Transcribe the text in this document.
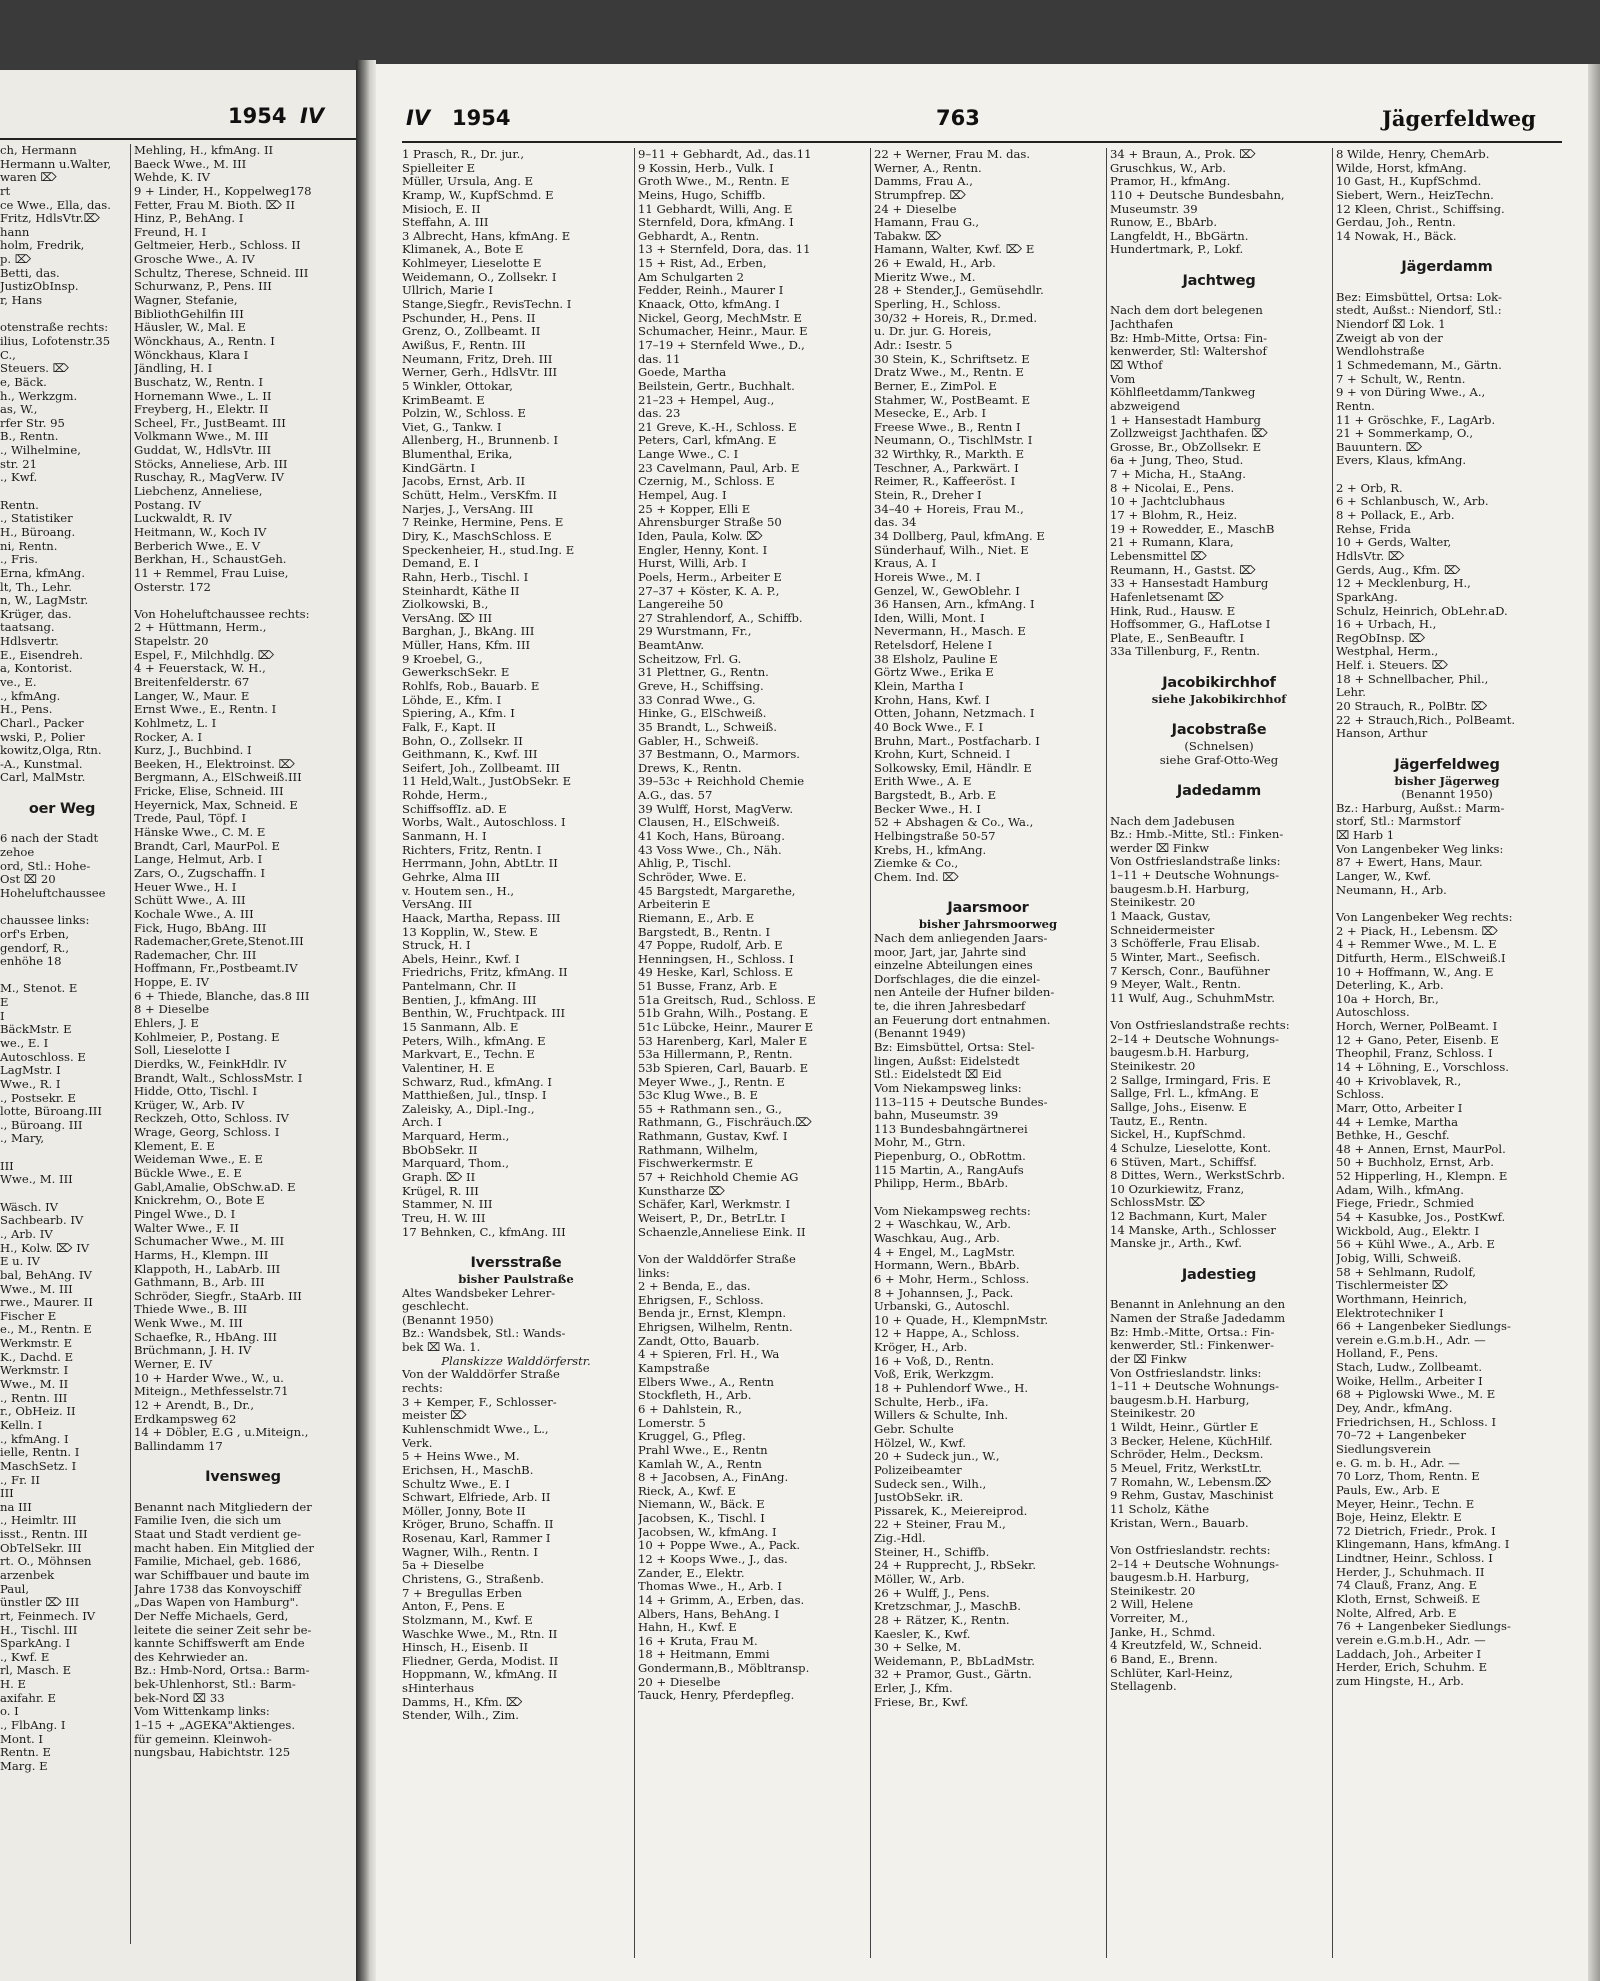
1954 IV
ch, Hermann
Hermann u.Walter,
waren ⌦
rt
ce Wwe., Ella, das.
Fritz, HdlsVtr.⌦
hann
holm, Fredrik,
p. ⌦
Betti, das.
JustizObInsp.
r, Hans
otenstraße rechts:
ilius, Lofotenstr.35
C.,
Steuers. ⌦
e, Bäck.
h., Werkzgm.
as, W.,
rfer Str. 95
B., Rentn.
., Wilhelmine,
str. 21
., Kwf.
Rentn.
., Statistiker
H., Büroang.
ni, Rentn.
., Fris.
Erna, kfmAng.
lt, Th., Lehr.
n, W., LagMstr.
Krüger, das.
taatsang.
Hdlsvertr.
E., Eisendreh.
a, Kontorist.
ve., E.
., kfmAng.
H., Pens.
Charl., Packer
wski, P., Polier
kowitz,Olga, Rtn.
-A., Kunstmal.
Carl, MalMstr.
oer Weg
6 nach der Stadt
zehoe
ord, Stl.: Hohe-
Ost ⌧ 20
Hoheluftchaussee
chaussee links:
orf's Erben,
gendorf, R.,
enhöhe 18
M., Stenot. E
E
I
BäckMstr. E
we., E. I
Autoschloss. E
LagMstr. I
Wwe., R. I
., Postsekr. E
lotte, Büroang.III
., Büroang. III
., Mary,
III
Wwe., M. III
Wäsch. IV
Sachbearb. IV
., Arb. IV
H., Kolw. ⌦ IV
E u. IV
bal, BehAng. IV
Wwe., M. III
rwe., Maurer. II
Fischer E
e., M., Rentn. E
Werkmstr. E
K., Dachd. E
Werkmstr. I
Wwe., M. II
., Rentn. III
r., ObHeiz. II
Kelln. I
., kfmAng. I
ielle, Rentn. I
MaschSetz. I
., Fr. II
III
na III
., Heimltr. III
isst., Rentn. III
ObTelSekr. III
rt. O., Möhnsen
arzenbek
Paul,
ünstler ⌦ III
rt, Feinmech. IV
H., Tischl. III
SparkAng. I
., Kwf. E
rl, Masch. E
H. E
axifahr. E
o. I
., FlbAng. I
Mont. I
Rentn. E
Marg. E
Mehling, H., kfmAng. II
Baeck Wwe., M. III
Wehde, K. IV
9 + Linder, H., Koppelweg178
Fetter, Frau M. Bioth. ⌦ II
Hinz, P., BehAng. I
Freund, H. I
Geltmeier, Herb., Schloss. II
Grosche Wwe., A. IV
Schultz, Therese, Schneid. III
Schurwanz, P., Pens. III
Wagner, Stefanie,
BibliothGehilfin III
Häusler, W., Mal. E
Wönckhaus, A., Rentn. I
Wönckhaus, Klara I
Jändling, H. I
Buschatz, W., Rentn. I
Hornemann Wwe., L. II
Freyberg, H., Elektr. II
Scheel, Fr., JustBeamt. III
Volkmann Wwe., M. III
Guddat, W., HdlsVtr. III
Stöcks, Anneliese, Arb. III
Ruschay, R., MagVerw. IV
Liebchenz, Anneliese,
Postang. IV
Luckwaldt, R. IV
Heitmann, W., Koch IV
Berberich Wwe., E. V
Berkhan, H., SchaustGeh.
11 + Remmel, Frau Luise,
Osterstr. 172
Von Hoheluftchaussee rechts:
2 + Hüttmann, Herm.,
Stapelstr. 20
Espel, F., Milchhdlg. ⌦
4 + Feuerstack, W. H.,
Breitenfelderstr. 67
Langer, W., Maur. E
Ernst Wwe., E., Rentn. I
Kohlmetz, L. I
Rocker, A. I
Kurz, J., Buchbind. I
Beeken, H., Elektroinst. ⌦
Bergmann, A., ElSchweiß.III
Fricke, Elise, Schneid. III
Heyernick, Max, Schneid. E
Trede, Paul, Töpf. I
Hänske Wwe., C. M. E
Brandt, Carl, MaurPol. E
Lange, Helmut, Arb. I
Zars, O., Zugschaffn. I
Heuer Wwe., H. I
Schütt Wwe., A. III
Kochale Wwe., A. III
Fick, Hugo, BbAng. III
Rademacher,Grete,Stenot.III
Rademacher, Chr. III
Hoffmann, Fr.,Postbeamt.IV
Hoppe, E. IV
6 + Thiede, Blanche, das.8 III
8 + Dieselbe
Ehlers, J. E
Kohlmeier, P., Postang. E
Soll, Lieselotte I
Dierdks, W., FeinkHdlr. IV
Brandt, Walt., SchlossMstr. I
Hidde, Otto, Tischl. I
Krüger, W., Arb. IV
Reckzeh, Otto, Schloss. IV
Wrage, Georg, Schloss. I
Klement, E. E
Weideman Wwe., E. E
Bückle Wwe., E. E
Gabl,Amalie, ObSchw.aD. E
Knickrehm, O., Bote E
Pingel Wwe., D. I
Walter Wwe., F. II
Schumacher Wwe., M. III
Harms, H., Klempn. III
Klappoth, H., LabArb. III
Gathmann, B., Arb. III
Schröder, Siegfr., StaArb. III
Thiede Wwe., B. III
Wenk Wwe., M. III
Schaefke, R., HbAng. III
Brüchmann, J. H. IV
Werner, E. IV
10 + Harder Wwe., W., u.
Miteign., Methfesselstr.71
12 + Arendt, B., Dr.,
Erdkampsweg 62
14 + Döbler, E.G , u.Miteign.,
Ballindamm 17
Ivensweg
Benannt nach Mitgliedern der
Familie Iven, die sich um
Staat und Stadt verdient ge-
macht haben. Ein Mitglied der
Familie, Michael, geb. 1686,
war Schiffbauer und baute im
Jahre 1738 das Konvoyschiff
„Das Wapen von Hamburg".
Der Neffe Michaels, Gerd,
leitete die seiner Zeit sehr be-
kannte Schiffswerft am Ende
des Kehrwieder an.
Bz.: Hmb-Nord, Ortsa.: Barm-
bek-Uhlenhorst, Stl.: Barm-
bek-Nord ⌧ 33
Vom Wittenkamp links:
1–15 + „AGEKA"Aktienges.
für gemeinn. Kleinwoh-
nungsbau, Habichtstr. 125
IV 1954	763	Jägerfeldweg
1 Prasch, R., Dr. jur.,
Spielleiter E
Müller, Ursula, Ang. E
Kramp, W., KupfSchmd. E
Misioch, E. II
Steffahn, A. III
3 Albrecht, Hans, kfmAng. E
Klimanek, A., Bote E
Kohlmeyer, Lieselotte E
Weidemann, O., Zollsekr. I
Ullrich, Marie I
Stange,Siegfr., RevisTechn. I
Pschunder, H., Pens. II
Grenz, O., Zollbeamt. II
Awißus, F., Rentn. III
Neumann, Fritz, Dreh. III
Werner, Gerh., HdlsVtr. III
5 Winkler, Ottokar,
KrimBeamt. E
Polzin, W., Schloss. E
Viet, G., Tankw. I
Allenberg, H., Brunnenb. I
Blumenthal, Erika,
KindGärtn. I
Jacobs, Ernst, Arb. II
Schütt, Helm., VersKfm. II
Narjes, J., VersAng. III
7 Reinke, Hermine, Pens. E
Diry, K., MaschSchloss. E
Speckenheier, H., stud.Ing. E
Demand, E. I
Rahn, Herb., Tischl. I
Steinhardt, Käthe II
Ziolkowski, B.,
VersAng. ⌦ III
Barghan, J., BkAng. III
Müller, Hans, Kfm. III
9 Kroebel, G.,
GewerkschSekr. E
Rohlfs, Rob., Bauarb. E
Löhde, E., Kfm. I
Spiering, A., Kfm. I
Falk, F., Kapt. II
Bohn, O., Zollsekr. II
Geithmann, K., Kwf. III
Seifert, Joh., Zollbeamt. III
11 Held,Walt., JustObSekr. E
Rohde, Herm.,
SchiffsoffIz. aD. E
Worbs, Walt., Autoschloss. I
Sanmann, H. I
Richters, Fritz, Rentn. I
Herrmann, John, AbtLtr. II
Gehrke, Alma III
v. Houtem sen., H.,
VersAng. III
Haack, Martha, Repass. III
13 Kopplin, W., Stew. E
Struck, H. I
Abels, Heinr., Kwf. I
Friedrichs, Fritz, kfmAng. II
Pantelmann, Chr. II
Bentien, J., kfmAng. III
Benthin, W., Fruchtpack. III
15 Sanmann, Alb. E
Peters, Wilh., kfmAng. E
Markvart, E., Techn. E
Valentiner, H. E
Schwarz, Rud., kfmAng. I
Matthießen, Jul., tInsp. I
Zaleisky, A., Dipl.-Ing.,
Arch. I
Marquard, Herm.,
BbObSekr. II
Marquard, Thom.,
Graph. ⌦ II
Krügel, R. III
Stammer, N. III
Treu, H. W. III
17 Behnken, C., kfmAng. III
Iversstraße
bisher Paulstraße
Altes Wandsbeker Lehrer-
geschlecht.
(Benannt 1950)
Bz.: Wandsbek, Stl.: Wands-
bek ⌧ Wa. 1.
Planskizze Walddörferstr.
Von der Walddörfer Straße
rechts:
3 + Kemper, F., Schlosser-
meister ⌦
Kuhlenschmidt Wwe., L.,
Verk.
5 + Heins Wwe., M.
Erichsen, H., MaschB.
Schultz Wwe., E. I
Schwart, Elfriede, Arb. II
Möller, Jonny, Bote II
Kröger, Bruno, Schaffn. II
Rosenau, Karl, Rammer I
Wagner, Wilh., Rentn. I
5a + Dieselbe
Christens, G., Straßenb.
7 + Bregullas Erben
Anton, F., Pens. E
Stolzmann, M., Kwf. E
Waschke Wwe., M., Rtn. II
Hinsch, H., Eisenb. II
Fliedner, Gerda, Modist. II
Hoppmann, W., kfmAng. II
sHinterhaus
Damms, H., Kfm. ⌦
Stender, Wilh., Zim.
9–11 + Gebhardt, Ad., das.11
9 Kossin, Herb., Vulk. I
Groth Wwe., M., Rentn. E
Meins, Hugo, Schiffb.
11 Gebhardt, Willi, Ang. E
Sternfeld, Dora, kfmAng. I
Gebhardt, A., Rentn.
13 + Sternfeld, Dora, das. 11
15 + Rist, Ad., Erben,
Am Schulgarten 2
Fedder, Reinh., Maurer I
Knaack, Otto, kfmAng. I
Nickel, Georg, MechMstr. E
Schumacher, Heinr., Maur. E
17–19 + Sternfeld Wwe., D.,
das. 11
Goede, Martha
Beilstein, Gertr., Buchhalt.
21–23 + Hempel, Aug.,
das. 23
21 Greve, K.-H., Schloss. E
Peters, Carl, kfmAng. E
Lange Wwe., C. I
23 Cavelmann, Paul, Arb. E
Czernig, M., Schloss. E
Hempel, Aug. I
25 + Kopper, Elli E
Ahrensburger Straße 50
Iden, Paula, Kolw. ⌦
Engler, Henny, Kont. I
Hurst, Willi, Arb. I
Poels, Herm., Arbeiter E
27–37 + Köster, K. A. P.,
Langereihe 50
27 Strahlendorf, A., Schiffb.
29 Wurstmann, Fr.,
BeamtAnw.
Scheitzow, Frl. G.
31 Plettner, G., Rentn.
Greve, H., Schiffsing.
33 Conrad Wwe., G.
Hinke, G., ElSchweiß.
35 Brandt, L., Schweiß.
Gabler, H., Schweiß.
37 Bestmann, O., Marmors.
Drews, K., Rentn.
39–53c + Reichhold Chemie
A.G., das. 57
39 Wulff, Horst, MagVerw.
Clausen, H., ElSchweiß.
41 Koch, Hans, Büroang.
43 Voss Wwe., Ch., Näh.
Ahlig, P., Tischl.
Schröder, Wwe. E.
45 Bargstedt, Margarethe,
Arbeiterin E
Riemann, E., Arb. E
Bargstedt, B., Rentn. I
47 Poppe, Rudolf, Arb. E
Henningsen, H., Schloss. I
49 Heske, Karl, Schloss. E
51 Busse, Franz, Arb. E
51a Greitsch, Rud., Schloss. E
51b Grahn, Wilh., Postang. E
51c Lübcke, Heinr., Maurer E
53 Harenberg, Karl, Maler E
53a Hillermann, P., Rentn.
53b Spieren, Carl, Bauarb. E
Meyer Wwe., J., Rentn. E
53c Klug Wwe., B. E
55 + Rathmann sen., G.,
Rathmann, G., Fischräuch.⌦
Rathmann, Gustav, Kwf. I
Rathmann, Wilhelm,
Fischwerkermstr. E
57 + Reichhold Chemie AG
Kunstharze ⌦
Schäfer, Karl, Werkmstr. I
Weisert, P., Dr., BetrLtr. I
Schaenzle,Anneliese Eink. II
Von der Walddörfer Straße
links:
2 + Benda, E., das.
Ehrigsen, F., Schloss.
Benda jr., Ernst, Klempn.
Ehrigsen, Wilhelm, Rentn.
Zandt, Otto, Bauarb.
4 + Spieren, Frl. H., Wa
Kampstraße
Elbers Wwe., A., Rentn
Stockfleth, H., Arb.
6 + Dahlstein, R.,
Lomerstr. 5
Kruggel, G., Pfleg.
Prahl Wwe., E., Rentn
Kamlah W., A., Rentn
8 + Jacobsen, A., FinAng.
Rieck, A., Kwf. E
Niemann, W., Bäck. E
Jacobsen, K., Tischl. I
Jacobsen, W., kfmAng. I
10 + Poppe Wwe., A., Pack.
12 + Koops Wwe., J., das.
Zander, E., Elektr.
Thomas Wwe., H., Arb. I
14 + Grimm, A., Erben, das.
Albers, Hans, BehAng. I
Hahn, H., Kwf. E
16 + Kruta, Frau M.
18 + Heitmann, Emmi
Gondermann,B., Möbltransp.
20 + Dieselbe
Tauck, Henry, Pferdepfleg.
22 + Werner, Frau M. das.
Werner, A., Rentn.
Damms, Frau A.,
Strumpfrep. ⌦
24 + Dieselbe
Hamann, Frau G.,
Tabakw. ⌦
Hamann, Walter, Kwf. ⌦ E
26 + Ewald, H., Arb.
Mieritz Wwe., M.
28 + Stender,J., Gemüsehdlr.
Sperling, H., Schloss.
30/32 + Horeis, R., Dr.med.
u. Dr. jur. G. Horeis,
Adr.: Isestr. 5
30 Stein, K., Schriftsetz. E
Dratz Wwe., M., Rentn. E
Berner, E., ZimPol. E
Stahmer, W., PostBeamt. E
Mesecke, E., Arb. I
Freese Wwe., B., Rentn I
Neumann, O., TischlMstr. I
32 Wirthky, R., Markth. E
Teschner, A., Parkwärt. I
Reimer, R., Kaffeeröst. I
Stein, R., Dreher I
34–40 + Horeis, Frau M.,
das. 34
34 Dollberg, Paul, kfmAng. E
Sünderhauf, Wilh., Niet. E
Kraus, A. I
Horeis Wwe., M. I
Genzel, W., GewOblehr. I
36 Hansen, Arn., kfmAng. I
Iden, Willi, Mont. I
Nevermann, H., Masch. E
Retelsdorf, Helene I
38 Elsholz, Pauline E
Görtz Wwe., Erika E
Klein, Martha I
Krohn, Hans, Kwf. I
Otten, Johann, Netzmach. I
40 Bock Wwe., F. I
Bruhn, Mart., Postfacharb. I
Krohn, Kurt, Schneid. I
Solkowsky, Emil, Händlr. E
Erith Wwe., A. E
Bargstedt, B., Arb. E
Becker Wwe., H. I
52 + Abshagen & Co., Wa.,
Helbingstraße 50-57
Krebs, H., kfmAng.
Ziemke & Co.,
Chem. Ind. ⌦
Jaarsmoor
bisher Jahrsmoorweg
Nach dem anliegenden Jaars-
moor, Jart, jar, Jahrte sind
einzelne Abteilungen eines
Dorfschlages, die die einzel-
nen Anteile der Hufner bilden-
te, die ihren Jahresbedarf
an Feuerung dort entnahmen.
(Benannt 1949)
Bz: Eimsbüttel, Ortsa: Stel-
lingen, Außst: Eidelstedt
Stl.: Eidelstedt ⌧ Eid
Vom Niekampsweg links:
113–115 + Deutsche Bundes-
bahn, Museumstr. 39
113 Bundesbahngärtnerei
Mohr, M., Gtrn.
Piepenburg, O., ObRottm.
115 Martin, A., RangAufs
Philipp, Herm., BbArb.
Vom Niekampsweg rechts:
2 + Waschkau, W., Arb.
Waschkau, Aug., Arb.
4 + Engel, M., LagMstr.
Hormann, Wern., BbArb.
6 + Mohr, Herm., Schloss.
8 + Johannsen, J., Pack.
Urbanski, G., Autoschl.
10 + Quade, H., KlempnMstr.
12 + Happe, A., Schloss.
Kröger, H., Arb.
16 + Voß, D., Rentn.
Voß, Erik, Werkzgm.
18 + Puhlendorf Wwe., H.
Schulte, Herb., iFa.
Willers & Schulte, Inh.
Gebr. Schulte
Hölzel, W., Kwf.
20 + Sudeck jun., W.,
Polizeibeamter
Sudeck sen., Wilh.,
JustObSekr. iR.
Pissarek, K., Meiereiprod.
22 + Steiner, Frau M.,
Zig.-Hdl.
Steiner, H., Schiffb.
24 + Rupprecht, J., RbSekr.
Möller, W., Arb.
26 + Wulff, J., Pens.
Kretzschmar, J., MaschB.
28 + Rätzer, K., Rentn.
Kaesler, K., Kwf.
30 + Selke, M.
Weidemann, P., BbLadMstr.
32 + Pramor, Gust., Gärtn.
Erler, J., Kfm.
Friese, Br., Kwf.
34 + Braun, A., Prok. ⌦
Gruschkus, W., Arb.
Pramor, H., kfmAng.
110 + Deutsche Bundesbahn,
Museumstr. 39
Runow, E., BbArb.
Langfeldt, H., BbGärtn.
Hundertmark, P., Lokf.
Jachtweg
Nach dem dort belegenen
Jachthafen
Bz: Hmb-Mitte, Ortsa: Fin-
kenwerder, Stl: Waltershof
⌧ Wthof
Vom
Köhlfleetdamm/Tankweg
abzweigend
1 + Hansestadt Hamburg
Zollzweigst Jachthafen. ⌦
Grosse, Br., ObZollsekr. E
6a + Jung, Theo, Stud.
7 + Micha, H., StaAng.
8 + Nicolai, E., Pens.
10 + Jachtclubhaus
17 + Blohm, R., Heiz.
19 + Rowedder, E., MaschB
21 + Rumann, Klara,
Lebensmittel ⌦
Reumann, H., Gastst. ⌦
33 + Hansestadt Hamburg
Hafenletsenamt ⌦
Hink, Rud., Hausw. E
Hoffsommer, G., HafLotse I
Plate, E., SenBeauftr. I
33a Tillenburg, F., Rentn.
Jacobikirchhof
siehe Jakobikirchhof
Jacobstraße
(Schnelsen)
siehe Graf-Otto-Weg
Jadedamm
Nach dem Jadebusen
Bz.: Hmb.-Mitte, Stl.: Finken-
werder ⌧ Finkw
Von Ostfrieslandstraße links:
1–11 + Deutsche Wohnungs-
baugesm.b.H. Harburg,
Steinikestr. 20
1 Maack, Gustav,
Schneidermeister
3 Schöfferle, Frau Elisab.
5 Winter, Mart., Seefisch.
7 Kersch, Conr., Baufühner
9 Meyer, Walt., Rentn.
11 Wulf, Aug., SchuhmMstr.
Von Ostfrieslandstraße rechts:
2–14 + Deutsche Wohnungs-
baugesm.b.H. Harburg,
Steinikestr. 20
2 Sallge, Irmingard, Fris. E
Sallge, Frl. L., kfmAng. E
Sallge, Johs., Eisenw. E
Tautz, E., Rentn.
Sickel, H., KupfSchmd.
4 Schulze, Lieselotte, Kont.
6 Stüven, Mart., Schiffsf.
8 Dittes, Wern., WerkstSchrb.
10 Ozurkiewitz, Franz,
SchlossMstr. ⌦
12 Bachmann, Kurt, Maler
14 Manske, Arth., Schlosser
Manske jr., Arth., Kwf.
Jadestieg
Benannt in Anlehnung an den
Namen der Straße Jadedamm
Bz: Hmb.-Mitte, Ortsa.: Fin-
kenwerder, Stl.: Finkenwer-
der ⌧ Finkw
Von Ostfrieslandstr. links:
1–11 + Deutsche Wohnungs-
baugesm.b.H. Harburg,
Steinikestr. 20
1 Wildt, Heinr., Gürtler E
3 Becker, Helene, KüchHilf.
Schröder, Helm., Decksm.
5 Meuel, Fritz, WerkstLtr.
7 Romahn, W., Lebensm.⌦
9 Rehm, Gustav, Maschinist
11 Scholz, Käthe
Kristan, Wern., Bauarb.
Von Ostfrieslandstr. rechts:
2–14 + Deutsche Wohnungs-
baugesm.b.H. Harburg,
Steinikestr. 20
2 Will, Helene
Vorreiter, M.,
Janke, H., Schmd.
4 Kreutzfeld, W., Schneid.
6 Band, E., Brenn.
Schlüter, Karl-Heinz,
Stellagenb.
8 Wilde, Henry, ChemArb.
Wilde, Horst, kfmAng.
10 Gast, H., KupfSchmd.
Siebert, Wern., HeizTechn.
12 Kleen, Christ., Schiffsing.
Gerdau, Joh., Rentn.
14 Nowak, H., Bäck.
Jägerdamm
Bez: Eimsbüttel, Ortsa: Lok-
stedt, Außst.: Niendorf, Stl.:
Niendorf ⌧ Lok. 1
Zweigt ab von der
Wendlohstraße
1 Schmedemann, M., Gärtn.
7 + Schult, W., Rentn.
9 + von Düring Wwe., A.,
Rentn.
11 + Gröschke, F., LagArb.
21 + Sommerkamp, O.,
Bauuntern. ⌦
Evers, Klaus, kfmAng.
2 + Orb, R.
6 + Schlanbusch, W., Arb.
8 + Pollack, E., Arb.
Rehse, Frida
10 + Gerds, Walter,
HdlsVtr. ⌦
Gerds, Aug., Kfm. ⌦
12 + Mecklenburg, H.,
SparkAng.
Schulz, Heinrich, ObLehr.aD.
16 + Urbach, H.,
RegObInsp. ⌦
Westphal, Herm.,
Helf. i. Steuers. ⌦
18 + Schnellbacher, Phil.,
Lehr.
20 Strauch, R., PolBtr. ⌦
22 + Strauch,Rich., PolBeamt.
Hanson, Arthur
Jägerfeldweg
bisher Jägerweg
(Benannt 1950)
Bz.: Harburg, Außst.: Marm-
storf, Stl.: Marmstorf
⌧ Harb 1
Von Langenbeker Weg links:
87 + Ewert, Hans, Maur.
Langer, W., Kwf.
Neumann, H., Arb.
Von Langenbeker Weg rechts:
2 + Piack, H., Lebensm. ⌦
4 + Remmer Wwe., M. L. E
Ditfurth, Herm., ElSchweiß.I
10 + Hoffmann, W., Ang. E
Deterling, K., Arb.
10a + Horch, Br.,
Autoschloss.
Horch, Werner, PolBeamt. I
12 + Gano, Peter, Eisenb. E
Theophil, Franz, Schloss. I
14 + Löhning, E., Vorschloss.
40 + Krivoblavek, R.,
Schloss.
Marr, Otto, Arbeiter I
44 + Lemke, Martha
Bethke, H., Geschf.
48 + Annen, Ernst, MaurPol.
50 + Buchholz, Ernst, Arb.
52 Hipperling, H., Klempn. E
Adam, Wilh., kfmAng.
Fiege, Friedr., Schmied
54 + Kasubke, Jos., PostKwf.
Wickbold, Aug., Elektr. I
56 + Kühl Wwe., A., Arb. E
Jobig, Willi, Schweiß.
58 + Sehlmann, Rudolf,
Tischlermeister ⌦
Worthmann, Heinrich,
Elektrotechniker I
66 + Langenbeker Siedlungs-
verein e.G.m.b.H., Adr. —
Holland, F., Pens.
Stach, Ludw., Zollbeamt.
Woike, Hellm., Arbeiter I
68 + Piglowski Wwe., M. E
Dey, Andr., kfmAng.
Friedrichsen, H., Schloss. I
70–72 + Langenbeker
Siedlungsverein
e. G. m. b. H., Adr. —
70 Lorz, Thom, Rentn. E
Pauls, Ew., Arb. E
Meyer, Heinr., Techn. E
Boje, Heinz, Elektr. E
72 Dietrich, Friedr., Prok. I
Klingemann, Hans, kfmAng. I
Lindtner, Heinr., Schloss. I
Herder, J., Schuhmach. II
74 Clauß, Franz, Ang. E
Kloth, Ernst, Schweiß. E
Nolte, Alfred, Arb. E
76 + Langenbeker Siedlungs-
verein e.G.m.b.H., Adr. —
Laddach, Joh., Arbeiter I
Herder, Erich, Schuhm. E
zum Hingste, H., Arb.
